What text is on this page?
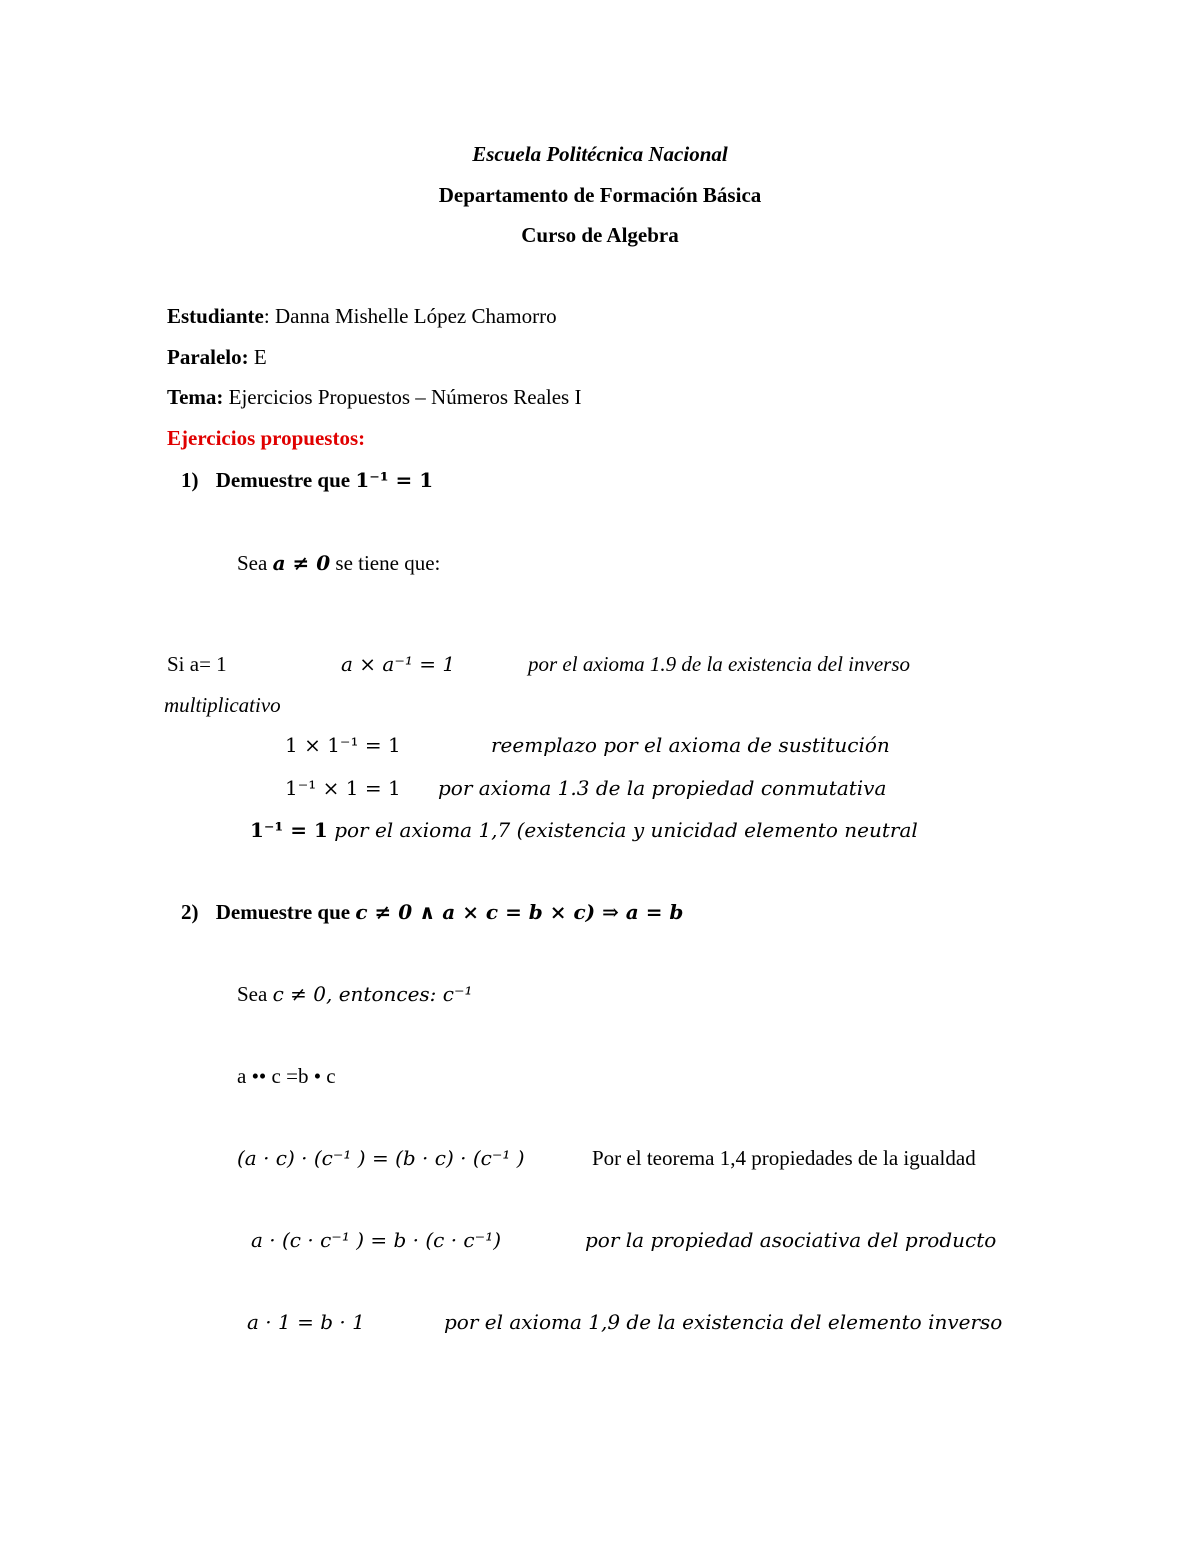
Escuela Politécnica Nacional
Departamento de Formación Básica
Curso de Algebra
Estudiante: Danna Mishelle López Chamorro
Paralelo: E
Tema: Ejercicios Propuestos – Números Reales I
Ejercicios propuestos:
1) Demuestre que 1⁻¹ = 1
Sea a ≠ 0 se tiene que:
Si a= 1	a × a⁻¹ = 1	por el axioma 1.9 de la existencia del inverso
multiplicativo
1 × 1⁻¹ = 1	reemplazo por el axioma de sustitución
1⁻¹ × 1 = 1 por axioma 1.3 de la propiedad conmutativa
1⁻¹ = 1 por el axioma 1,7 (existencia y unicidad elemento neutral
2) Demuestre que c ≠ 0 ∧ a × c = b × c) ⇒ a = b
Sea c ≠ 0, entonces: c⁻¹
a •• c =b • c
(a · c) · (c⁻¹ ) = (b · c) · (c⁻¹ )	Por el teorema 1,4 propiedades de la igualdad
a · (c · c⁻¹ ) = b · (c · c⁻¹)	por la propiedad asociativa del producto
a · 1 = b · 1	por el axioma 1,9 de la existencia del elemento inverso
